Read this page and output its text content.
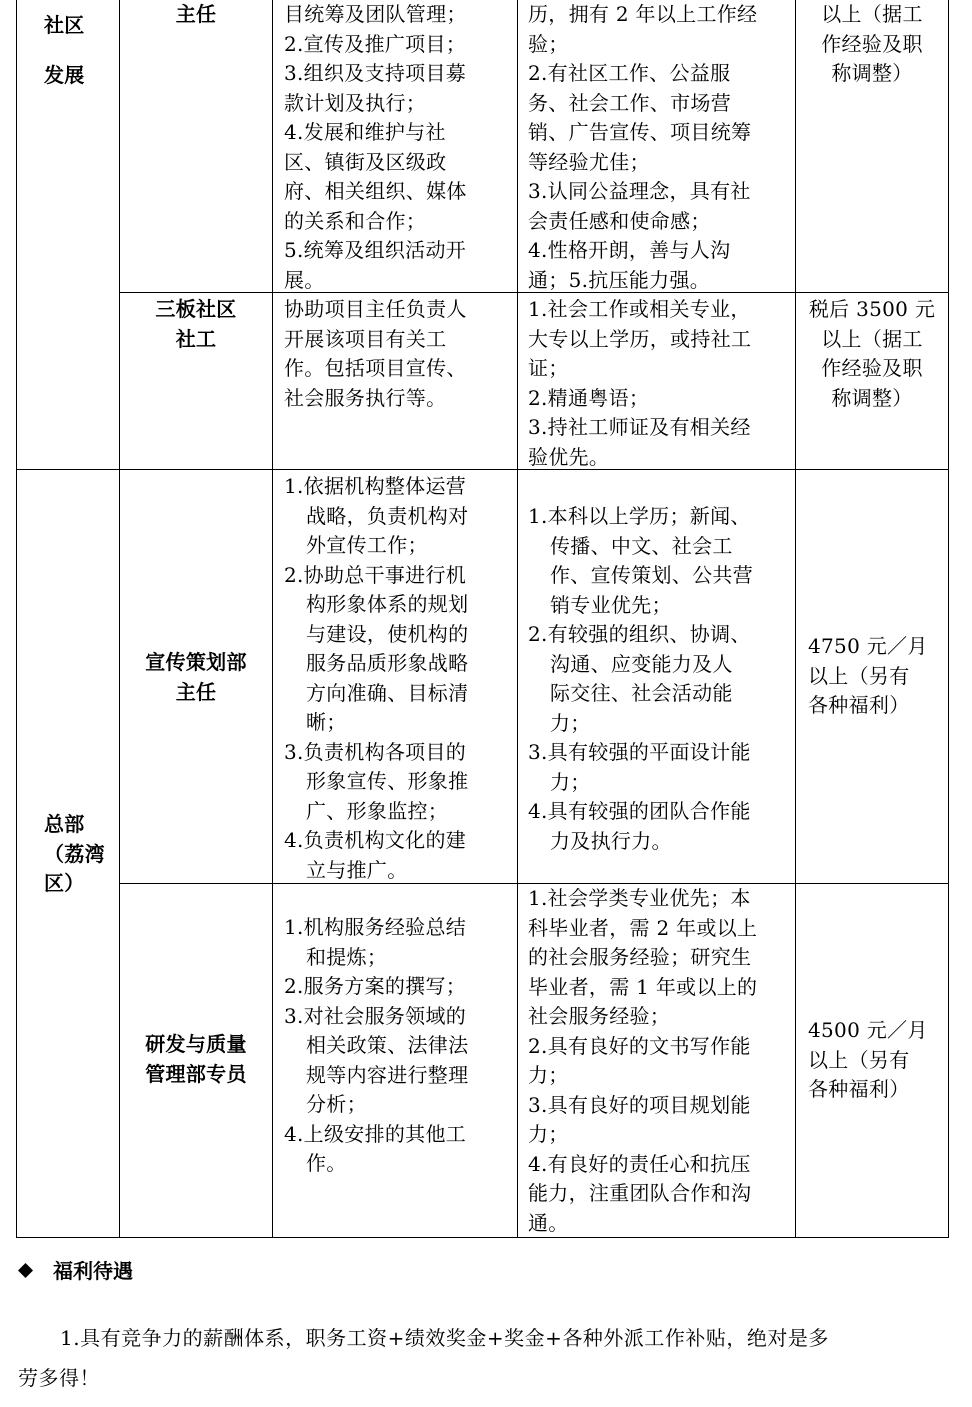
社区
发展
总部
（荔湾
区）
主任	目统筹及团队管理；
2.宣传及推广项目；
3.组织及支持项目募
款计划及执行；
4.发展和维护与社
区、镇街及区级政
府、相关组织、媒体
的关系和合作；
5.统筹及组织活动开
展。
历，拥有 2 年以上工作经
验；
2.有社区工作、公益服
务、社会工作、市场营
销、广告宣传、项目统筹
等经验尤佳；
3.认同公益理念，具有社
会责任感和使命感；
4.性格开朗，善与人沟
通；5.抗压能力强。
以上（据工
作经验及职
称调整）
三板社区
社工
协助项目主任负责人
开展该项目有关工
作。包括项目宣传、
社会服务执行等。
1.社会工作或相关专业，
大专以上学历，或持社工
证；
2.精通粤语；
3.持社工师证及有相关经
验优先。
税后 3500 元
以上（据工
作经验及职
称调整）
宣传策划部
主任
1.依据机构整体运营
战略，负责机构对
外宣传工作；
2.协助总干事进行机
构形象体系的规划
与建设，使机构的
服务品质形象战略
方向准确、目标清
晰；
3.负责机构各项目的
形象宣传、形象推
广、形象监控；
4.负责机构文化的建
立与推广。
1.本科以上学历；新闻、
传播、中文、社会工
作、宣传策划、公共营
销专业优先；
2.有较强的组织、协调、
沟通、应变能力及人
际交往、社会活动能
力；
3.具有较强的平面设计能
力；
4.具有较强的团队合作能
力及执行力。
4750 元／月
以上（另有
各种福利）
研发与质量
管理部专员
1.机构服务经验总结
和提炼；
2.服务方案的撰写；
3.对社会服务领域的
相关政策、法律法
规等内容进行整理
分析；
4.上级安排的其他工
作。
1.社会学类专业优先；本
科毕业者，需 2 年或以上
的社会服务经验；研究生
毕业者，需 1 年或以上的
社会服务经验；
2.具有良好的文书写作能
力；
3.具有良好的项目规划能
力；
4.有良好的责任心和抗压
能力，注重团队合作和沟
通。
4500 元／月
以上（另有
各种福利）
福利待遇
1.具有竞争力的薪酬体系，职务工资+绩效奖金+奖金+各种外派工作补贴，绝对是多
劳多得！
